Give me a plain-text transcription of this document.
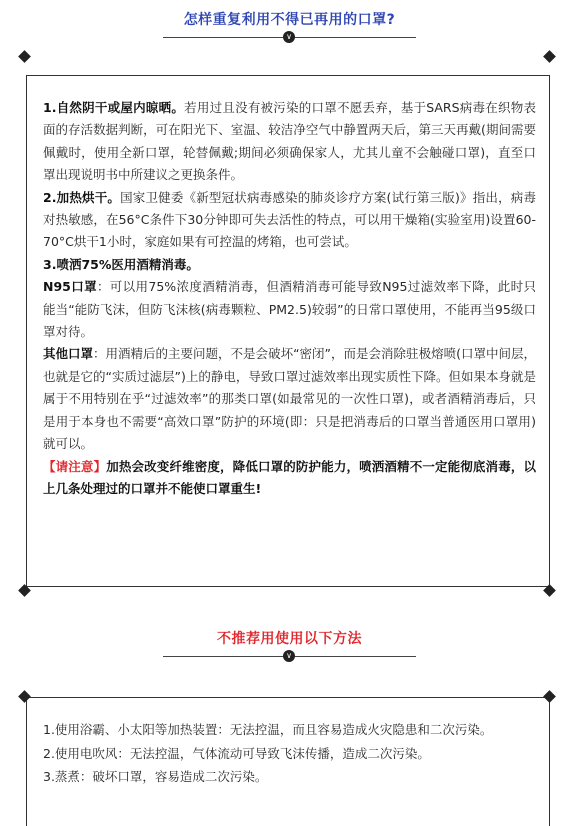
怎样重复利用不得已再用的口罩?
∨

1.自然阴干或屋内晾晒。若用过且没有被污染的口罩不愿丢弃，基于SARS病毒在织物表面的存活数据判断，可在阳光下、室温、较洁净空气中静置两天后，第三天再戴(期间需要佩戴时，使用全新口罩，轮替佩戴;期间必须确保家人，尤其儿童不会触碰口罩)，直至口罩出现说明书中所建议之更换条件。

2.加热烘干。国家卫健委《新型冠状病毒感染的肺炎诊疗方案(试行第三版)》指出，病毒对热敏感，在56°C条件下30分钟即可失去活性的特点，可以用干燥箱(实验室用)设置60-70°C烘干1小时，家庭如果有可控温的烤箱，也可尝试。

3.喷洒75%医用酒精消毒。

N95口罩：可以用75%浓度酒精消毒，但酒精消毒可能导致N95过滤效率下降，此时只能当“能防飞沫，但防飞沫核(病毒颗粒、PM2.5)较弱”的日常口罩使用，不能再当95级口罩对待。

其他口罩：用酒精后的主要问题，不是会破坏“密闭”，而是会消除驻极熔喷(口罩中间层，也就是它的“实质过滤层”)上的静电，导致口罩过滤效率出现实质性下降。但如果本身就是属于不用特别在乎“过滤效率”的那类口罩(如最常见的一次性口罩)，或者酒精消毒后，只是用于本身也不需要“高效口罩”防护的环境(即：只是把消毒后的口罩当普通医用口罩用)就可以。

【请注意】加热会改变纤维密度，降低口罩的防护能力，喷洒酒精不一定能彻底消毒，以上几条处理过的口罩并不能使口罩重生!

不推荐用使用以下方法
∨

1.使用浴霸、小太阳等加热装置：无法控温，而且容易造成火灾隐患和二次污染。

2.使用电吹风：无法控温，气体流动可导致飞沫传播，造成二次污染。

3.蒸煮：破坏口罩，容易造成二次污染。
